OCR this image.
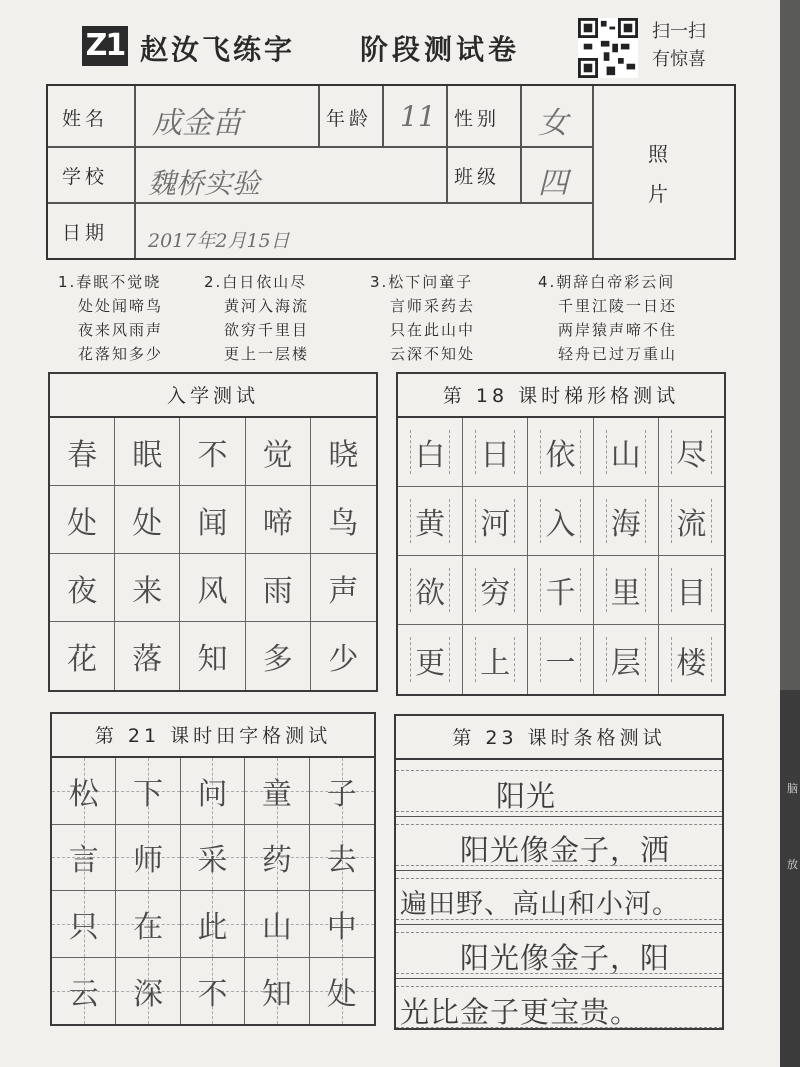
Z1 赵汝飞练字 阶段测试卷
扫一扫
有惊喜
姓名 成金苗	年龄 11 性别 女
学校 魏桥实验	班级 四
日期 2017年2月15日
照
片
1.春眠不觉晓
处处闻啼鸟
夜来风雨声
花落知多少
2.白日依山尽
黄河入海流
欲穷千里目
更上一层楼
3.松下问童子
言师采药去
只在此山中
云深不知处
4.朝辞白帝彩云间
千里江陵一日还
两岸猿声啼不住
轻舟已过万重山
入学测试
春 眠 不 觉 晓
处 处 闻 啼 鸟
夜 来 风 雨 声
花 落 知 多 少
第 18 课时梯形格测试
白 日 依 山 尽
黄 河 入 海 流
欲 穷 千 里 目
更 上 一 层 楼
第 21 课时田字格测试
松 下 问 童 子
言 师 采 药 去
只 在 此 山 中
云 深 不 知 处
第 23 课时条格测试
阳光
阳光像金子，洒
遍田野、高山和小河。
阳光像金子，阳
光比金子更宝贵。
脑
放
